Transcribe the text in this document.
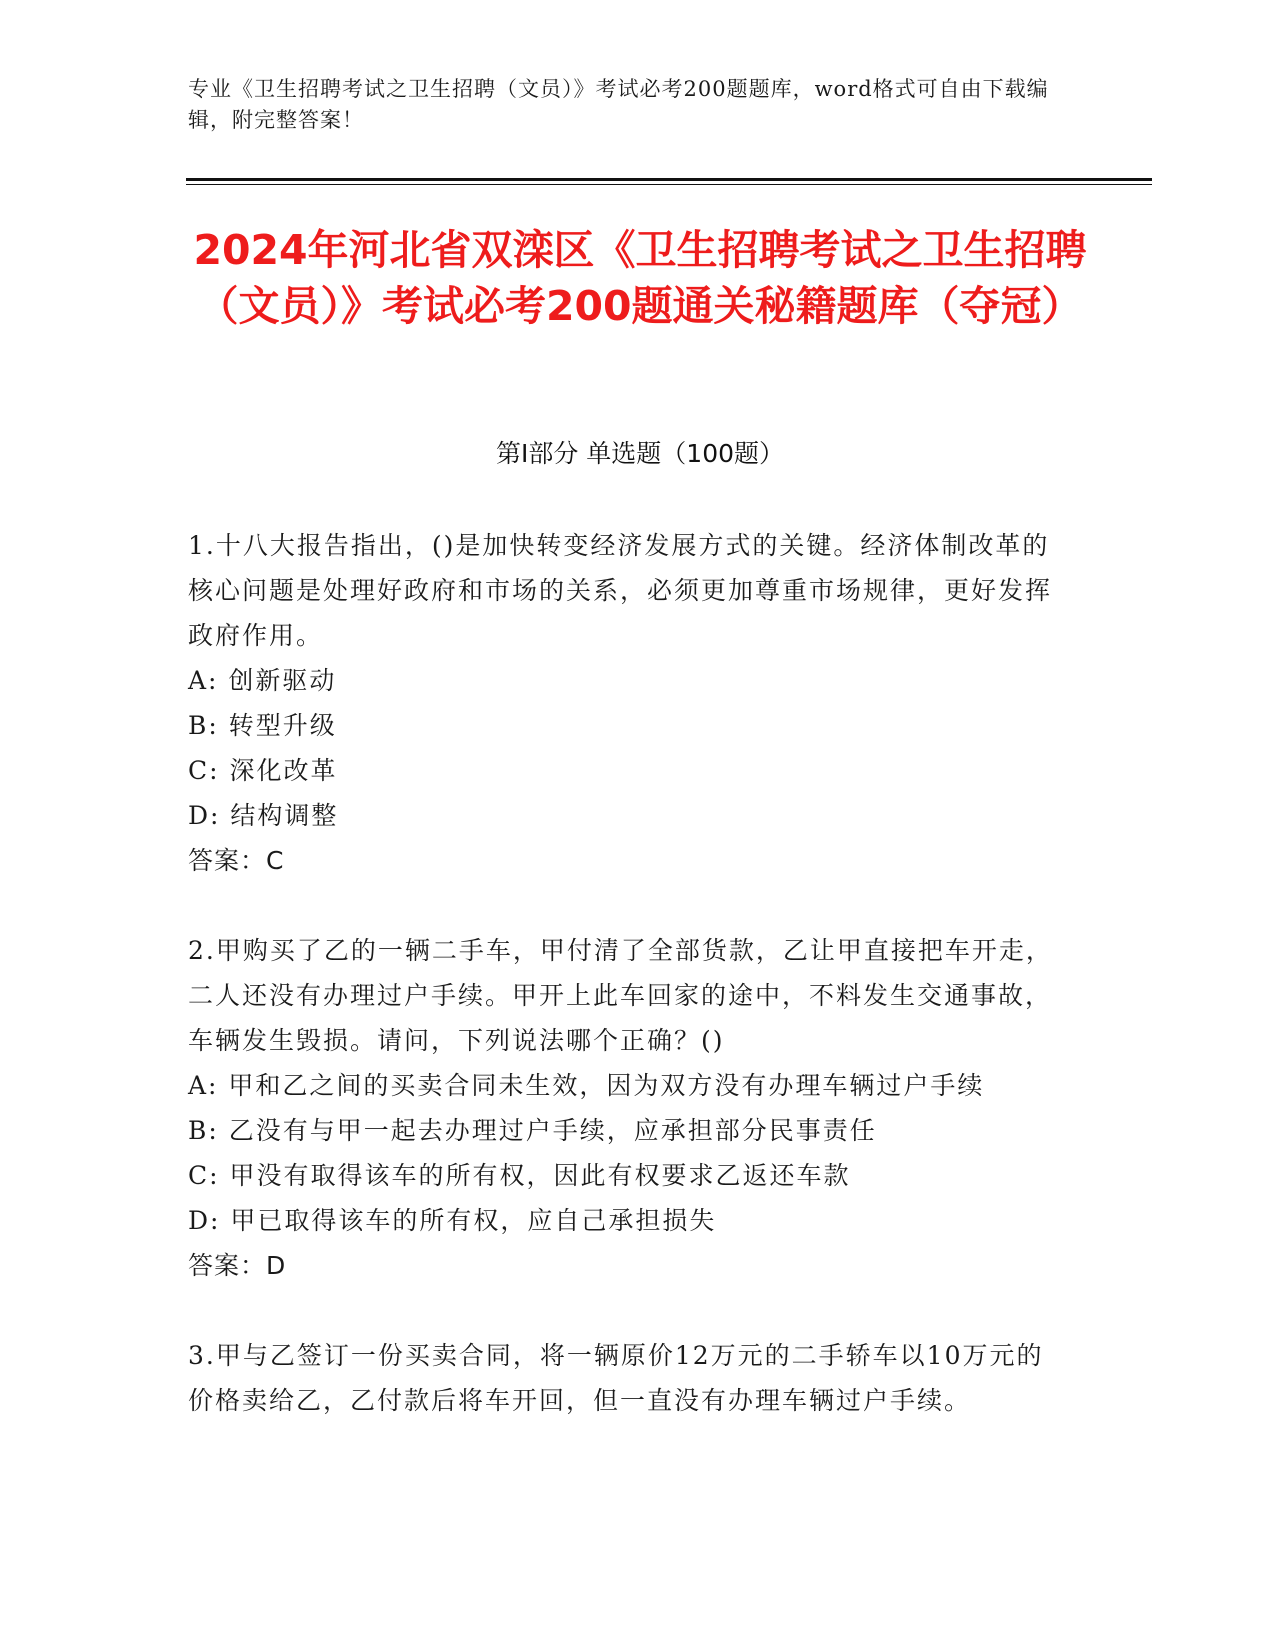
专业《卫生招聘考试之卫生招聘（文员）》考试必考200题题库，word格式可自由下载编辑，附完整答案！
2024年河北省双滦区《卫生招聘考试之卫生招聘（文员）》考试必考200题通关秘籍题库（夺冠）
第Ⅰ部分 单选题（100题）
1.十八大报告指出，()是加快转变经济发展方式的关键。经济体制改革的核心问题是处理好政府和市场的关系，必须更加尊重市场规律，更好发挥政府作用。
A: 创新驱动
B: 转型升级
C: 深化改革
D: 结构调整
答案：C
2.甲购买了乙的一辆二手车，甲付清了全部货款，乙让甲直接把车开走，二人还没有办理过户手续。甲开上此车回家的途中，不料发生交通事故，车辆发生毁损。请问，下列说法哪个正确？()
A: 甲和乙之间的买卖合同未生效，因为双方没有办理车辆过户手续
B: 乙没有与甲一起去办理过户手续，应承担部分民事责任
C: 甲没有取得该车的所有权，因此有权要求乙返还车款
D: 甲已取得该车的所有权，应自己承担损失
答案：D
3.甲与乙签订一份买卖合同，将一辆原价12万元的二手轿车以10万元的价格卖给乙，乙付款后将车开回，但一直没有办理车辆过户手续。
